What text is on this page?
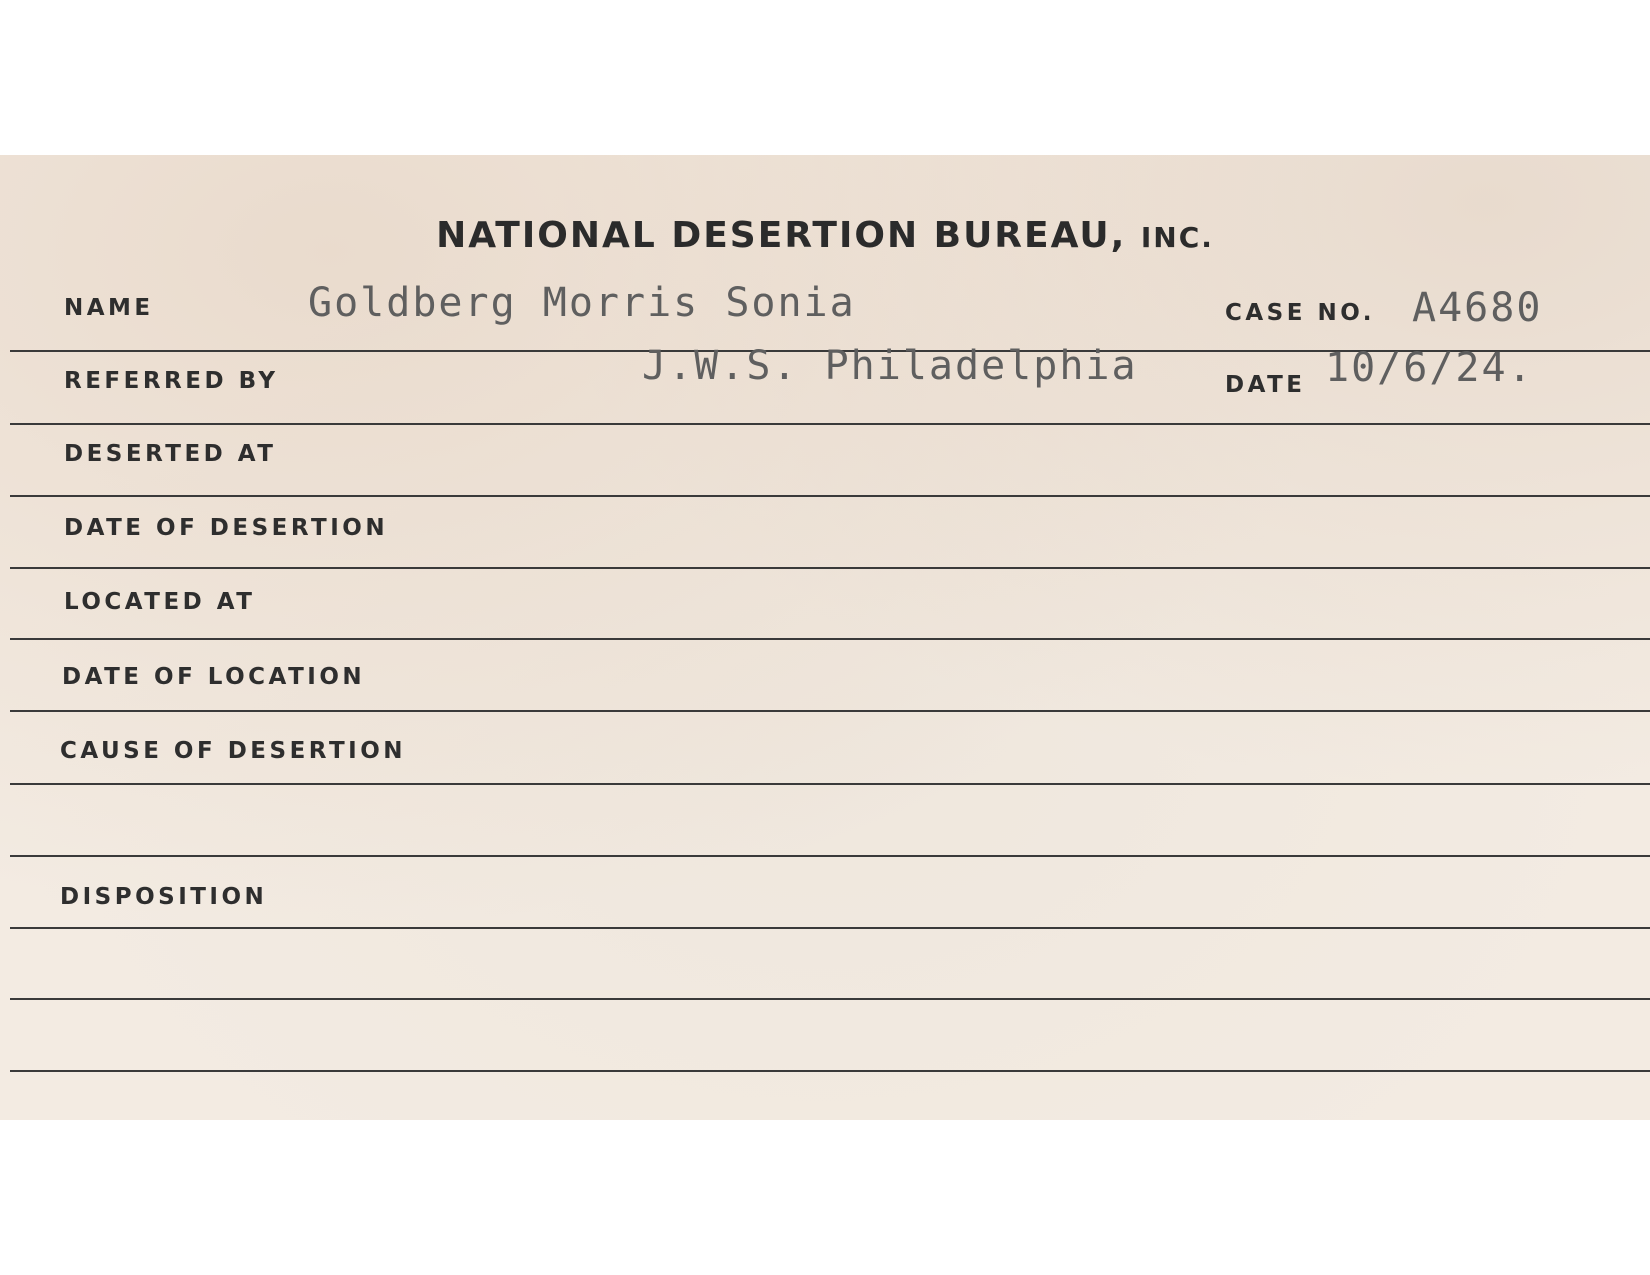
NATIONAL DESERTION BUREAU, INC.
NAME	Goldberg Morris Sonia	CASE NO. A4680
REFERRED BY	J.W.S. Philadelphia	DATE 10/6/24.
DESERTED AT
DATE OF DESERTION
LOCATED AT
DATE OF LOCATION
CAUSE OF DESERTION
DISPOSITION
